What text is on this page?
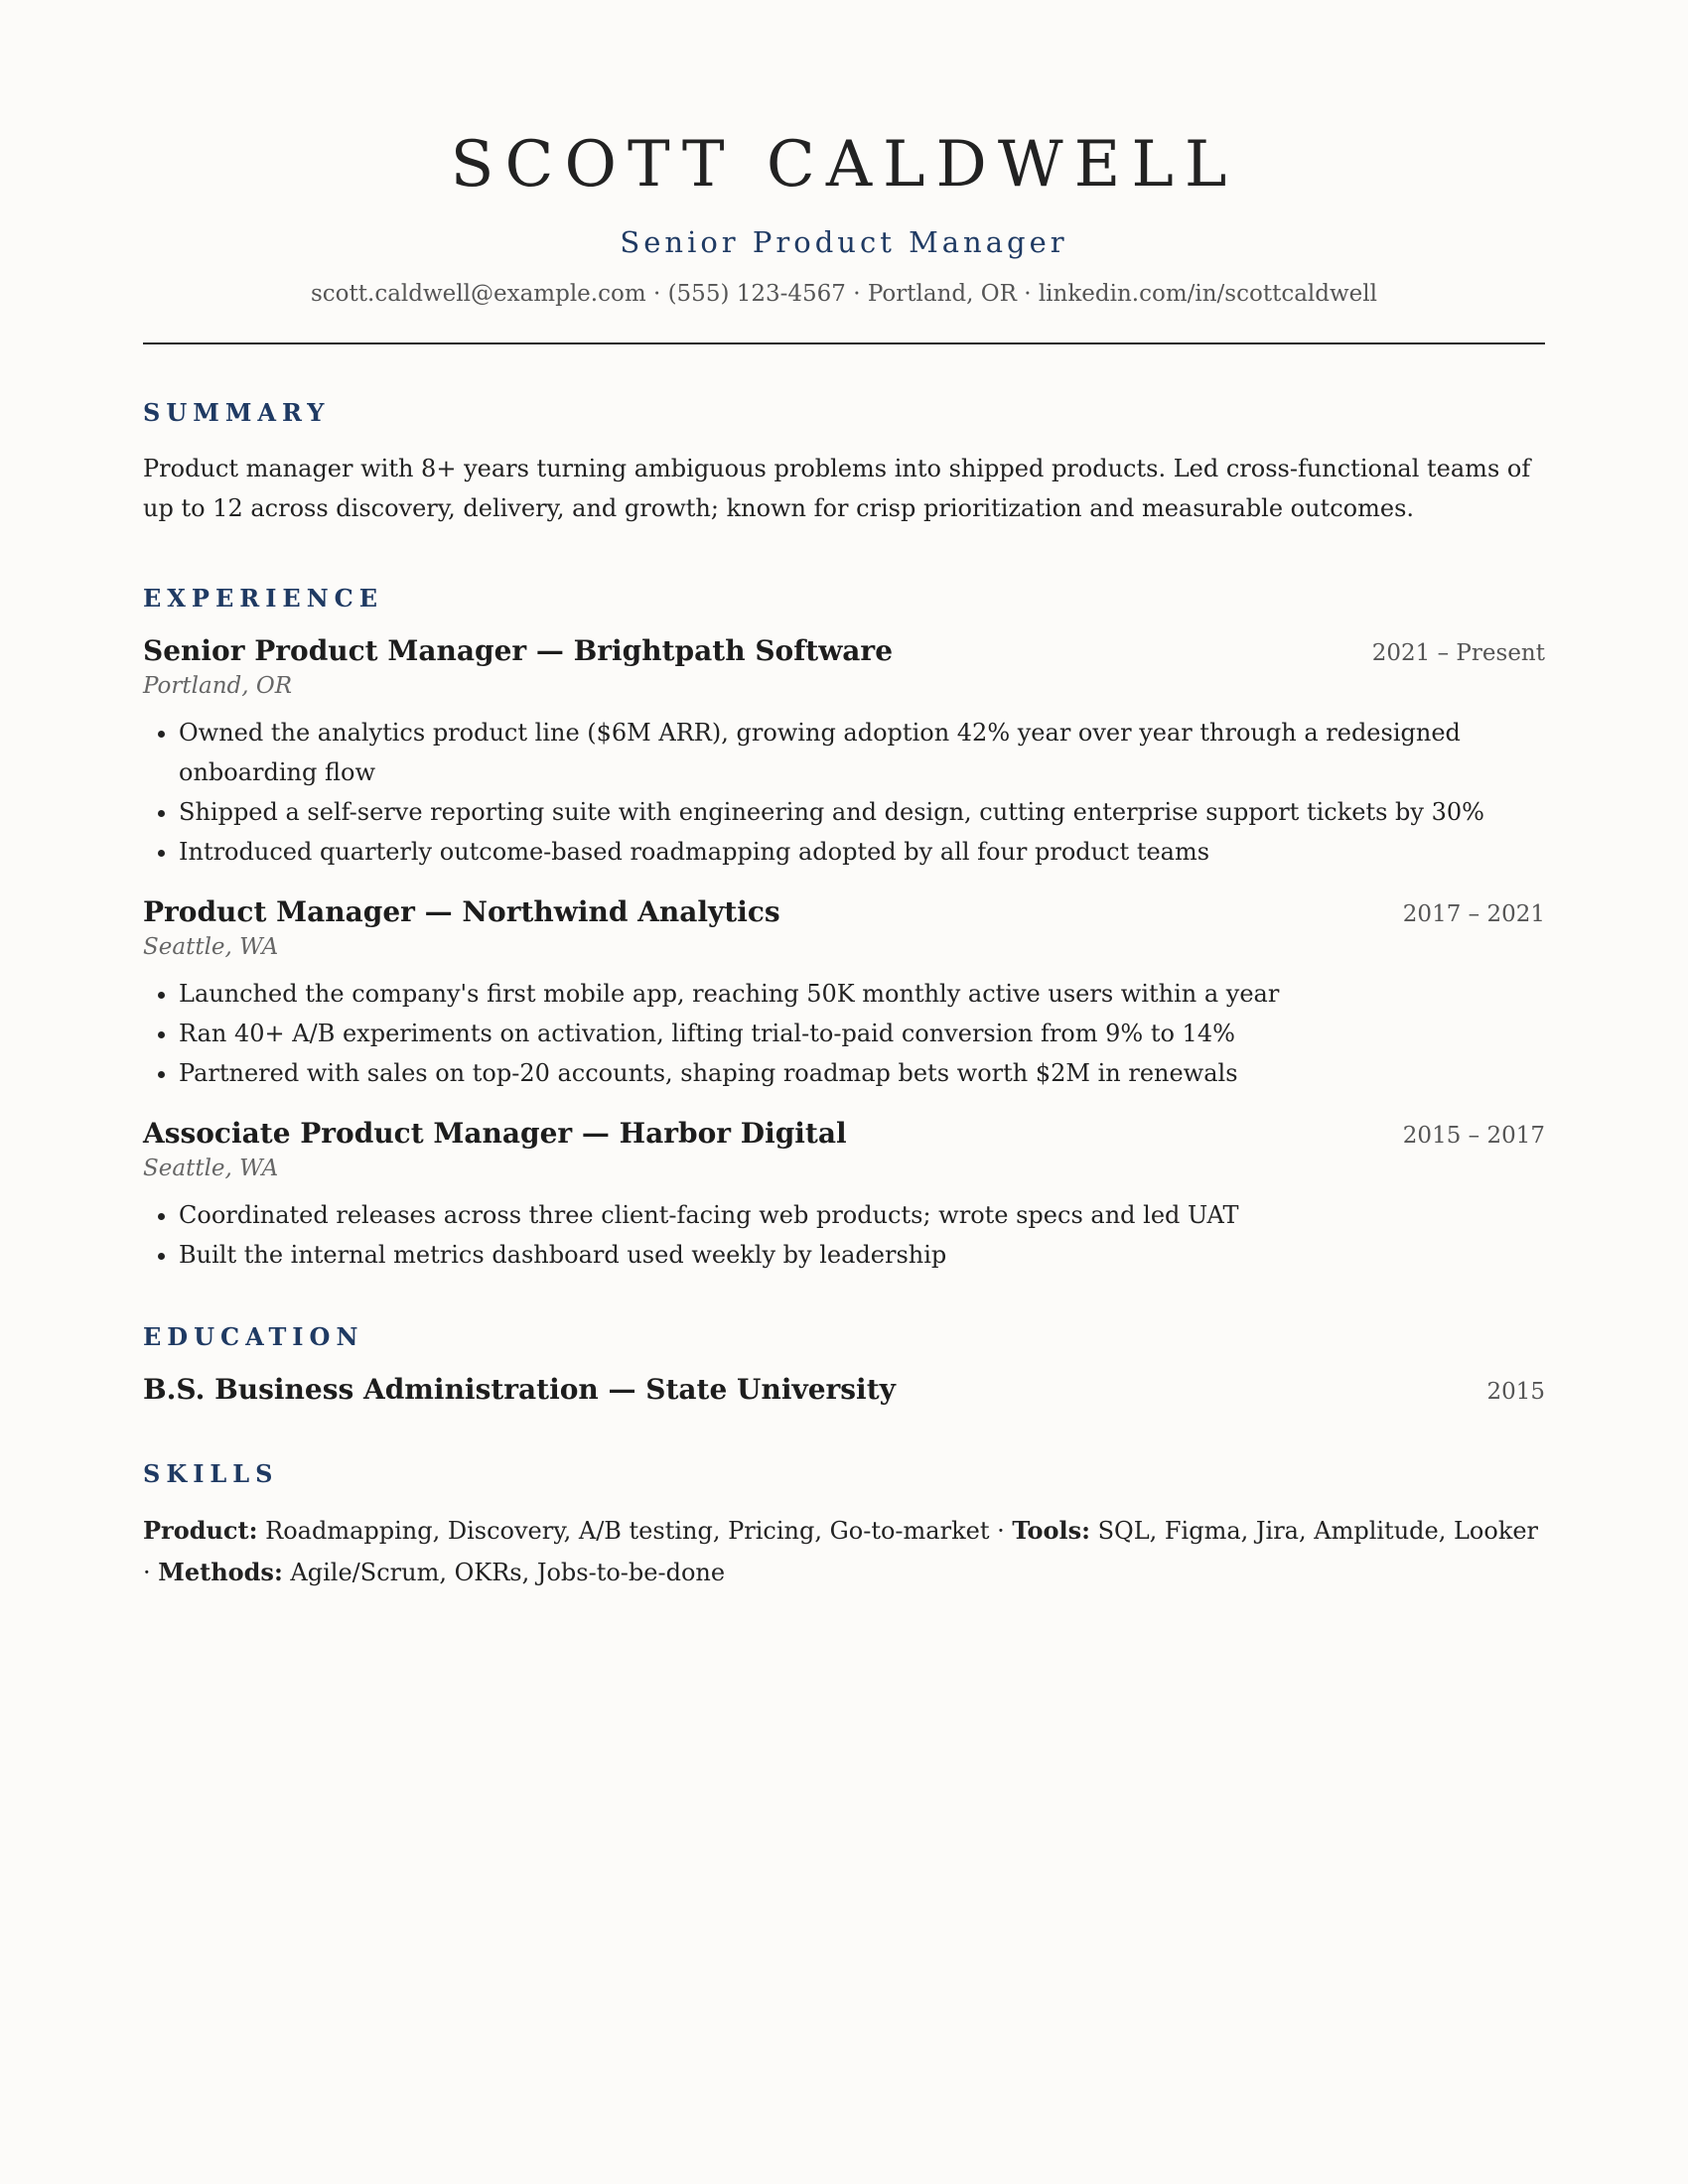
SCOTT CALDWELL
Senior Product Manager
scott.caldwell@example.com · (555) 123-4567 · Portland, OR · linkedin.com/in/scottcaldwell
SUMMARY

Product manager with 8+ years turning ambiguous problems into shipped products. Led cross-functional teams of up to 12 across discovery, delivery, and growth; known for crisp prioritization and measurable outcomes.

EXPERIENCE
Senior Product Manager — Brightpath Software	2021 – Present
Portland, OR
• Owned the analytics product line ($6M ARR), growing adoption 42% year over year through a redesigned onboarding flow
• Shipped a self-serve reporting suite with engineering and design, cutting enterprise support tickets by 30%
• Introduced quarterly outcome-based roadmapping adopted by all four product teams
Product Manager — Northwind Analytics	2017 – 2021
Seattle, WA
• Launched the company's first mobile app, reaching 50K monthly active users within a year
• Ran 40+ A/B experiments on activation, lifting trial-to-paid conversion from 9% to 14%
• Partnered with sales on top-20 accounts, shaping roadmap bets worth $2M in renewals
Associate Product Manager — Harbor Digital	2015 – 2017
Seattle, WA
• Coordinated releases across three client-facing web products; wrote specs and led UAT
• Built the internal metrics dashboard used weekly by leadership
EDUCATION
B.S. Business Administration — State University	2015
SKILLS

Product: Roadmapping, Discovery, A/B testing, Pricing, Go-to-market · Tools: SQL, Figma, Jira, Amplitude, Looker · Methods: Agile/Scrum, OKRs, Jobs-to-be-done
